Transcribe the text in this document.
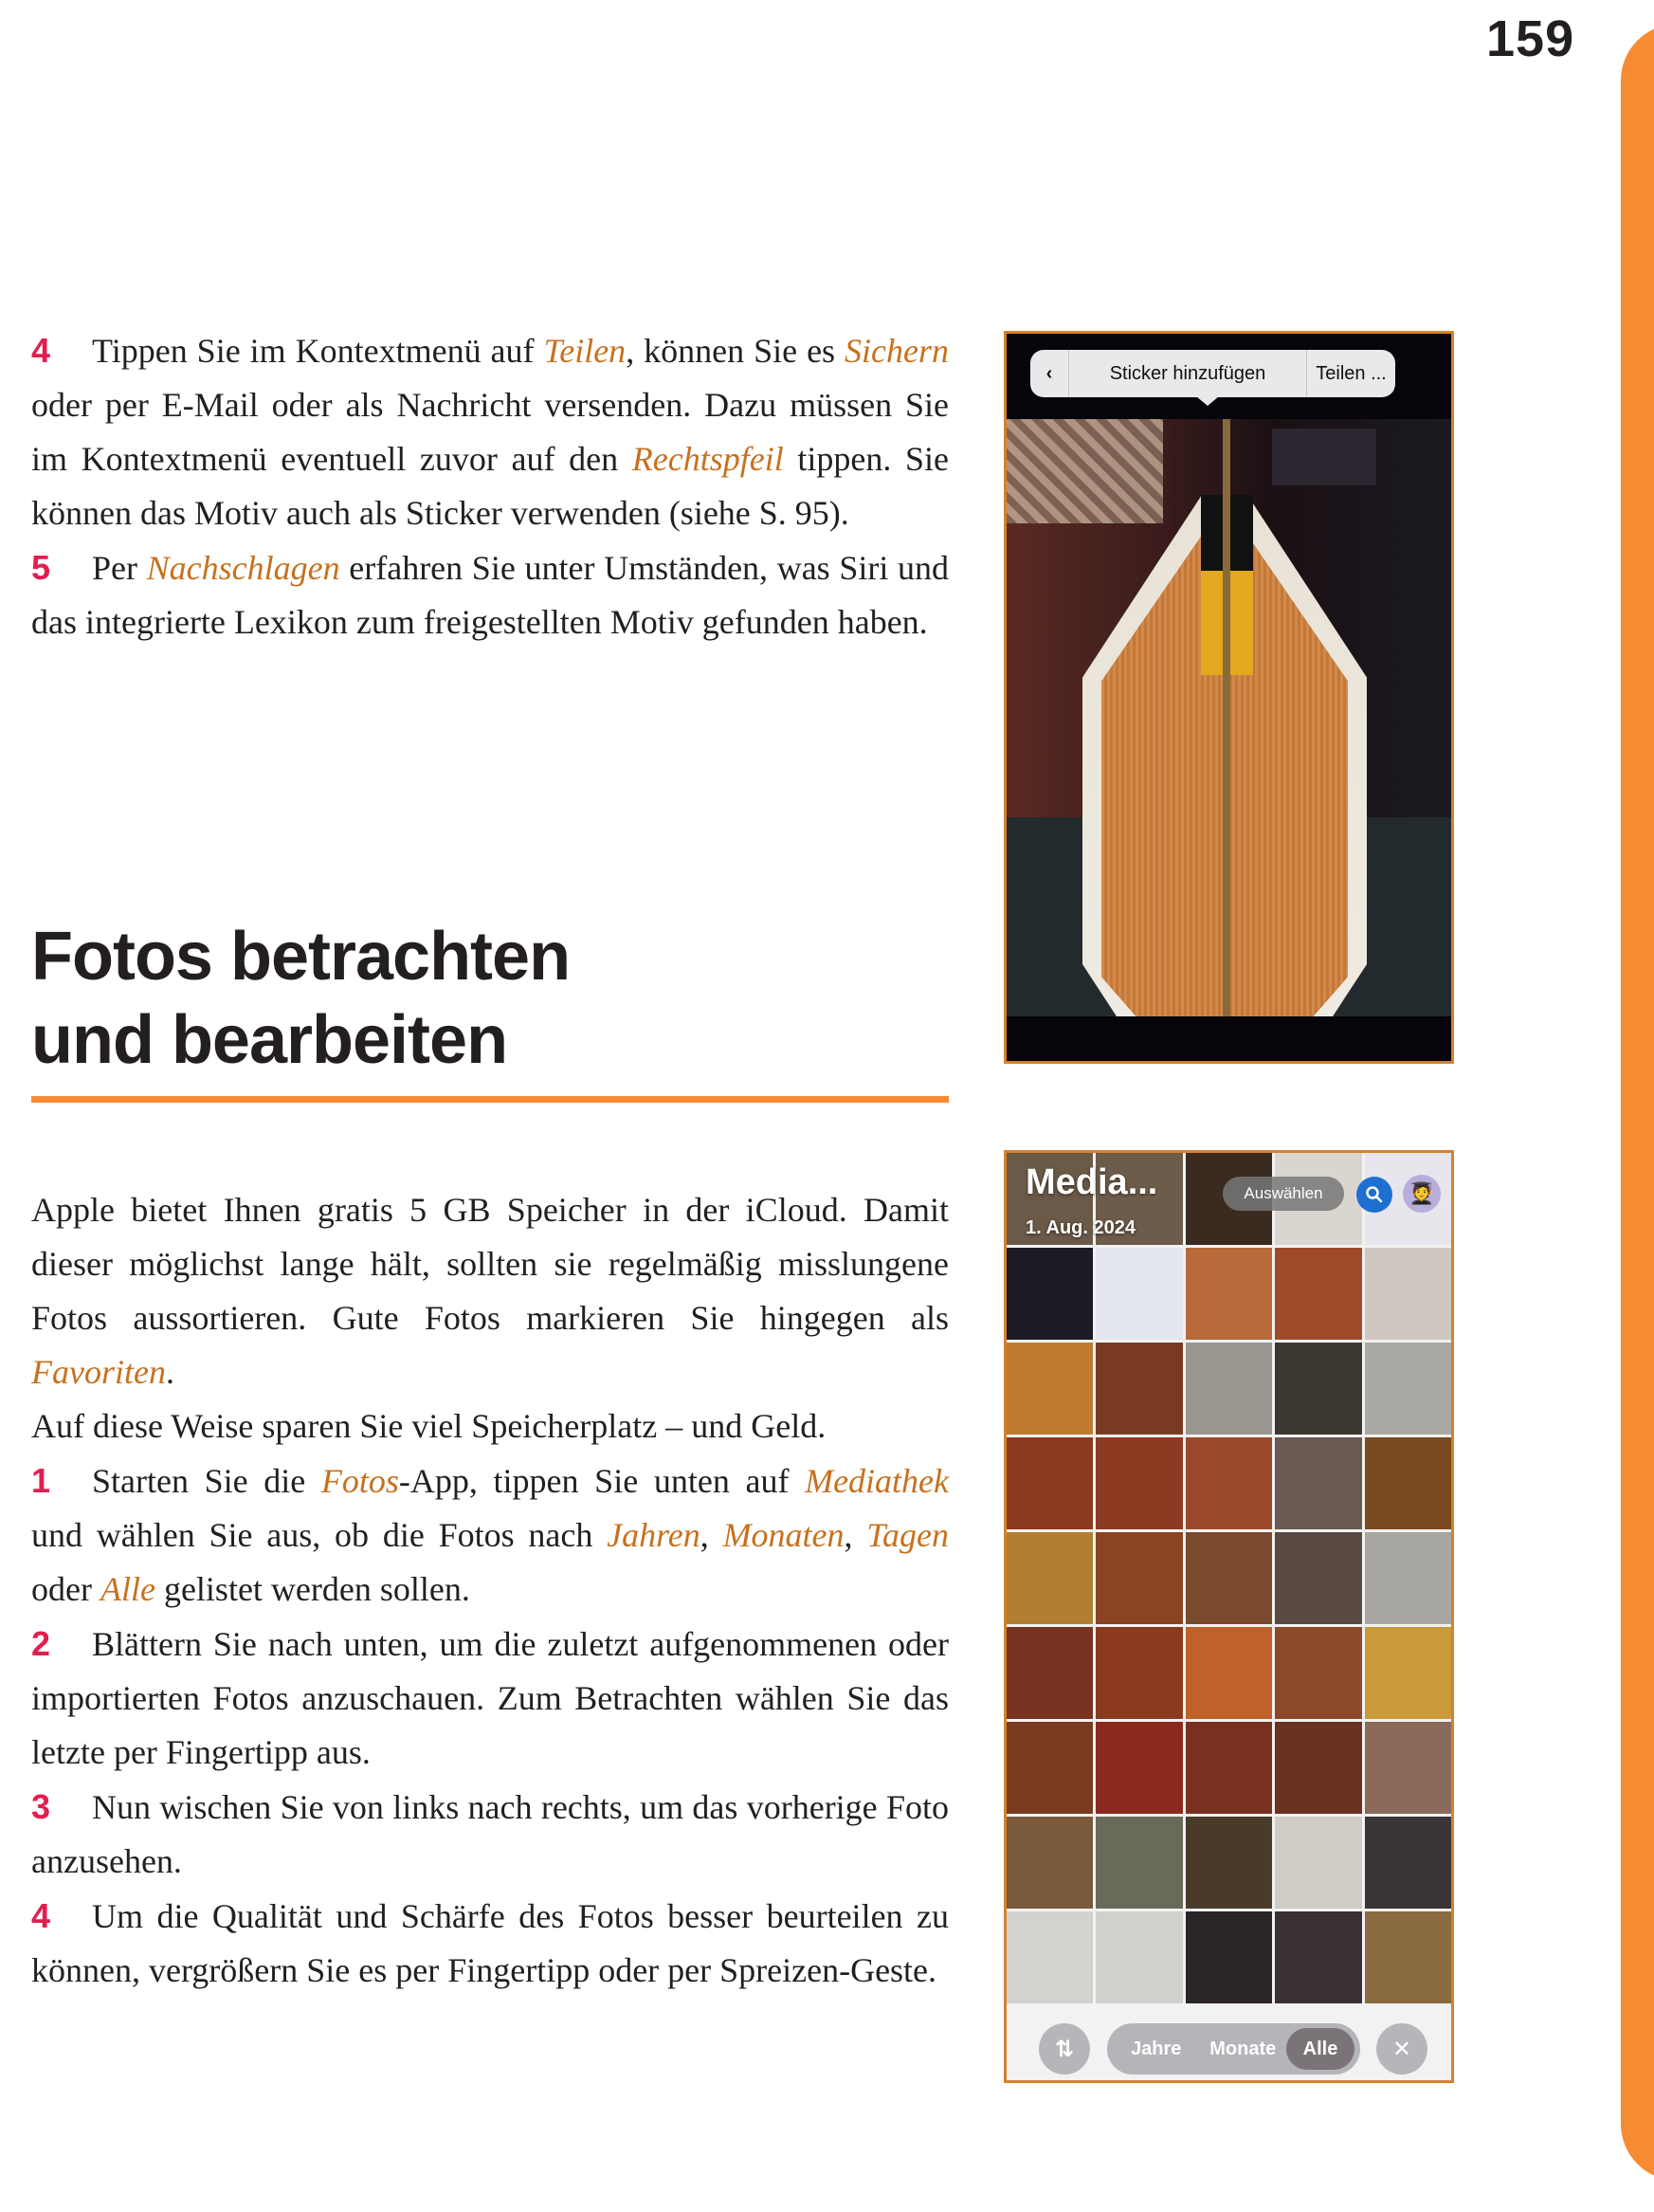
159

4 Tippen Sie im Kontextmenü auf Teilen, können Sie es Sichern oder per E-Mail oder als Nachricht versenden. Dazu müssen Sie im Kontextmenü eventuell zuvor auf den Rechtspfeil tippen. Sie können das Motiv auch als Sticker verwenden (siehe S. 95).

5 Per Nachschlagen erfahren Sie unter Umständen, was Siri und das integrierte Lexikon zum freigestellten Motiv gefunden haben.

Fotos betrachten
und bearbeiten

Apple bietet Ihnen gratis 5 GB Speicher in der iCloud. Damit dieser möglichst lange hält, sollten sie regelmäßig misslungene Fotos aussortieren. Gute Fotos markieren Sie hingegen als Favoriten.

Auf diese Weise sparen Sie viel Speicherplatz – und Geld.

1 Starten Sie die Fotos-App, tippen Sie unten auf Mediathek und wählen Sie aus, ob die Fotos nach Jahren, Monaten, Tagen oder Alle gelistet werden sollen.

2 Blättern Sie nach unten, um die zuletzt aufgenommenen oder importierten Fotos anzuschauen. Zum Betrachten wählen Sie das letzte per Fingertipp aus.

3 Nun wischen Sie von links nach rechts, um das vorherige Foto anzusehen.

4 Um die Qualität und Schärfe des Fotos besser beurteilen zu können, vergrößern Sie es per Fingertipp oder per Spreizen-Geste.

‹	Sticker hinzufügen	Teilen ...
Media...
1. Aug. 2024
Auswählen	🧑‍🎓
⇅	Jahre	Monate	Alle	✕
